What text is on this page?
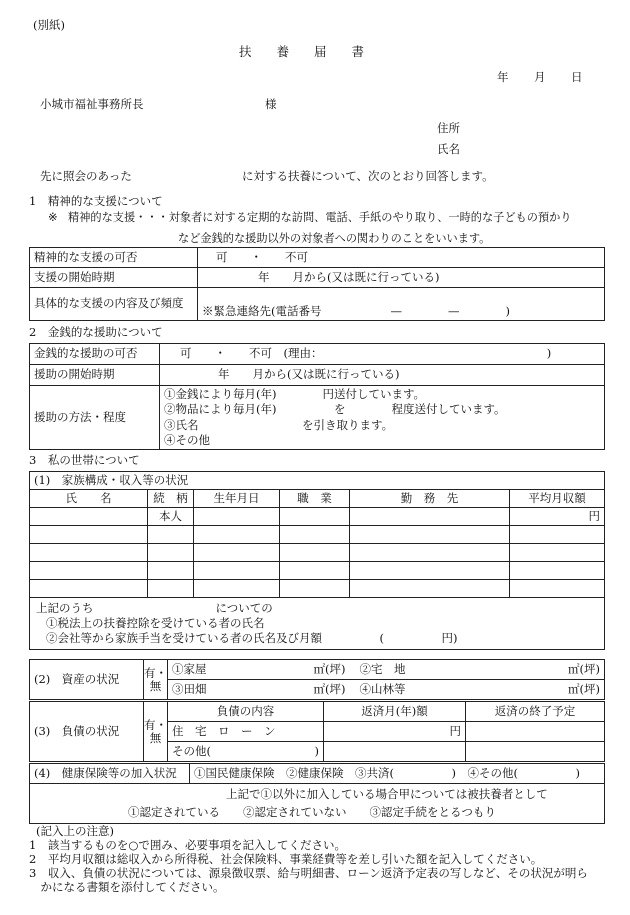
(別紙)
扶　　養　　届　　書
年 月 日
小城市福祉事務所長	様
住所
氏名
先に照会のあった	に対する扶養について、次のとおり回答します。
1　精神的な支援について
※ 精神的な支援・・・対象者に対する定期的な訪問、電話、手紙のやり取り、一時的な子どもの預かり
など金銭的な援助以外の対象者への関わりのことをいいます。
精神的な支援の可否	可　　・　　不可
支援の開始時期	年　　月から(又は既に行っている)
具体的な支援の内容及び頻度	※緊急連絡先(電話番号　　　　　　—　　　　—　　　　)
2　金銭的な援助について
金銭的な援助の可否	可　　・　　不可　(理由：　　　　　　　　　　　　　　　　　　　　)
援助の開始時期	年　　月から(又は既に行っている)
援助の方法・程度	①金銭により毎月(年)　　　　円送付しています。
②物品により毎月(年)　　　　　を　　　　程度送付しています。
③氏名　　　　　　　　　を引き取ります。
④その他
3　私の世帯について
(1)　家族構成・収入等の状況					
氏　　名	続　柄	生年月日	職　業	勤　務　先	平均月収額
	本人				円

上記のうち についての
①税法上の扶養控除を受けている者の氏名
②会社等から家族手当を受けている者の氏名及び月額　　　　　(　　　　　円)					
(2)　資産の状況	有・無	①家屋	㎡(坪)	②宅　地	㎡(坪)
		③田畑	㎡(坪)	④山林等	㎡(坪)
(3)　負債の状況	有・無	負債の内容	返済月(年)額	返済の終了予定
		住　宅　ロ　ー　ン	円	
		その他(　　　　　　　　　)		
(4)　健康保険等の加入状況	①国民健康保険　②健康保険　③共済(　　　　　)　④その他(　　　　　)

上記で①以外に加入している場合甲については被扶養者として
①認定されている　　②認定されていない　　③認定手続をとるつもり
(記入上の注意)
1　該当するものを○で囲み、必要事項を記入してください。
2　平均月収額は総収入から所得税、社会保険料、事業経費等を差し引いた額を記入してください。
3　収入、負債の状況については、源泉徴収票、給与明細書、ローン返済予定表の写しなど、その状況が明ら
　かになる書類を添付してください。
